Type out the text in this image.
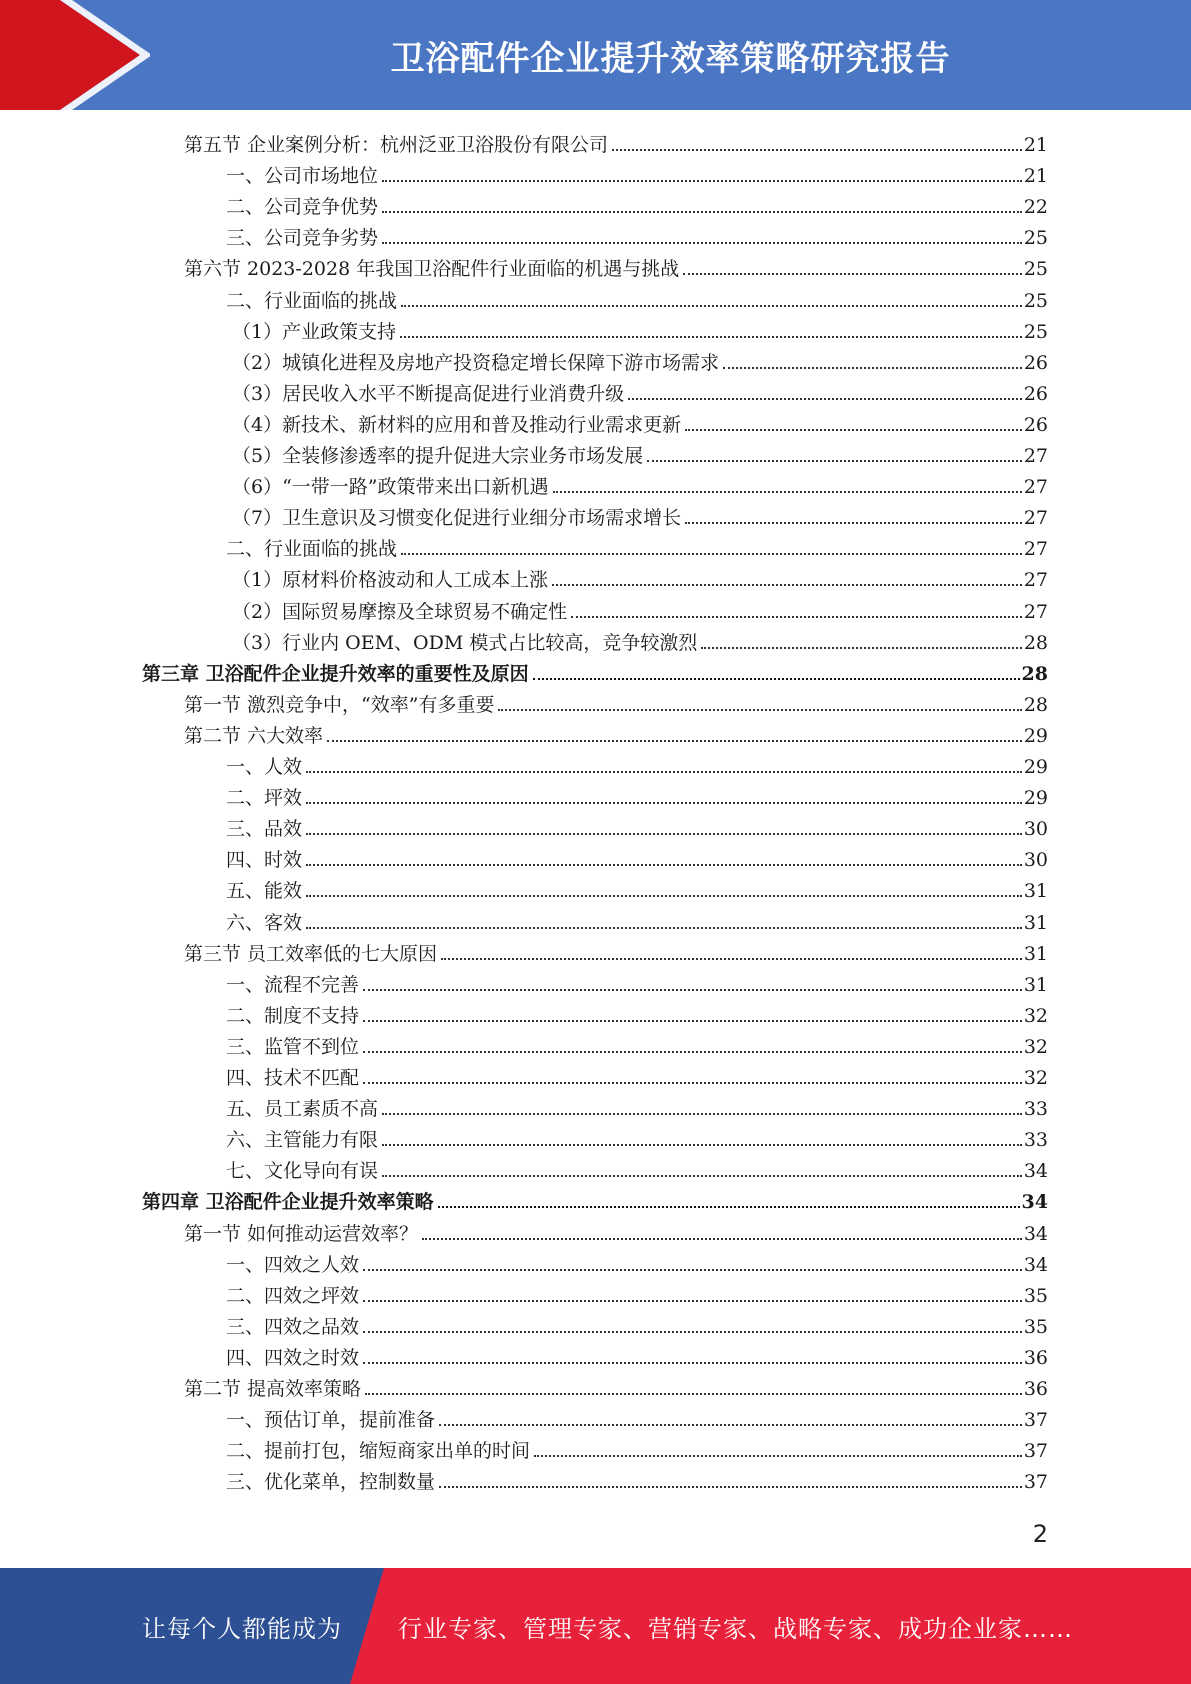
卫浴配件企业提升效率策略研究报告
第五节 企业案例分析：杭州泛亚卫浴股份有限公司	21
一、公司市场地位	21
二、公司竞争优势	22
三、公司竞争劣势	25
第六节 2023-2028 年我国卫浴配件行业面临的机遇与挑战	25
二、行业面临的挑战	25
（1）产业政策支持	25
（2）城镇化进程及房地产投资稳定增长保障下游市场需求	26
（3）居民收入水平不断提高促进行业消费升级	26
（4）新技术、新材料的应用和普及推动行业需求更新	26
（5）全装修渗透率的提升促进大宗业务市场发展	27
（6）“一带一路”政策带来出口新机遇	27
（7）卫生意识及习惯变化促进行业细分市场需求增长	27
二、行业面临的挑战	27
（1）原材料价格波动和人工成本上涨	27
（2）国际贸易摩擦及全球贸易不确定性	27
（3）行业内 OEM、ODM 模式占比较高，竞争较激烈	28
第三章 卫浴配件企业提升效率的重要性及原因	28
第一节 激烈竞争中，“效率”有多重要	28
第二节 六大效率	29
一、人效	29
二、坪效	29
三、品效	30
四、时效	30
五、能效	31
六、客效	31
第三节 员工效率低的七大原因	31
一、流程不完善	31
二、制度不支持	32
三、监管不到位	32
四、技术不匹配	32
五、员工素质不高	33
六、主管能力有限	33
七、文化导向有误	34
第四章 卫浴配件企业提升效率策略	34
第一节 如何推动运营效率？	34
一、四效之人效	34
二、四效之坪效	35
三、四效之品效	35
四、四效之时效	36
第二节 提高效率策略	36
一、预估订单，提前准备	37
二、提前打包，缩短商家出单的时间	37
三、优化菜单，控制数量	37
2
让每个人都能成为 行业专家、管理专家、营销专家、战略专家、成功企业家……
